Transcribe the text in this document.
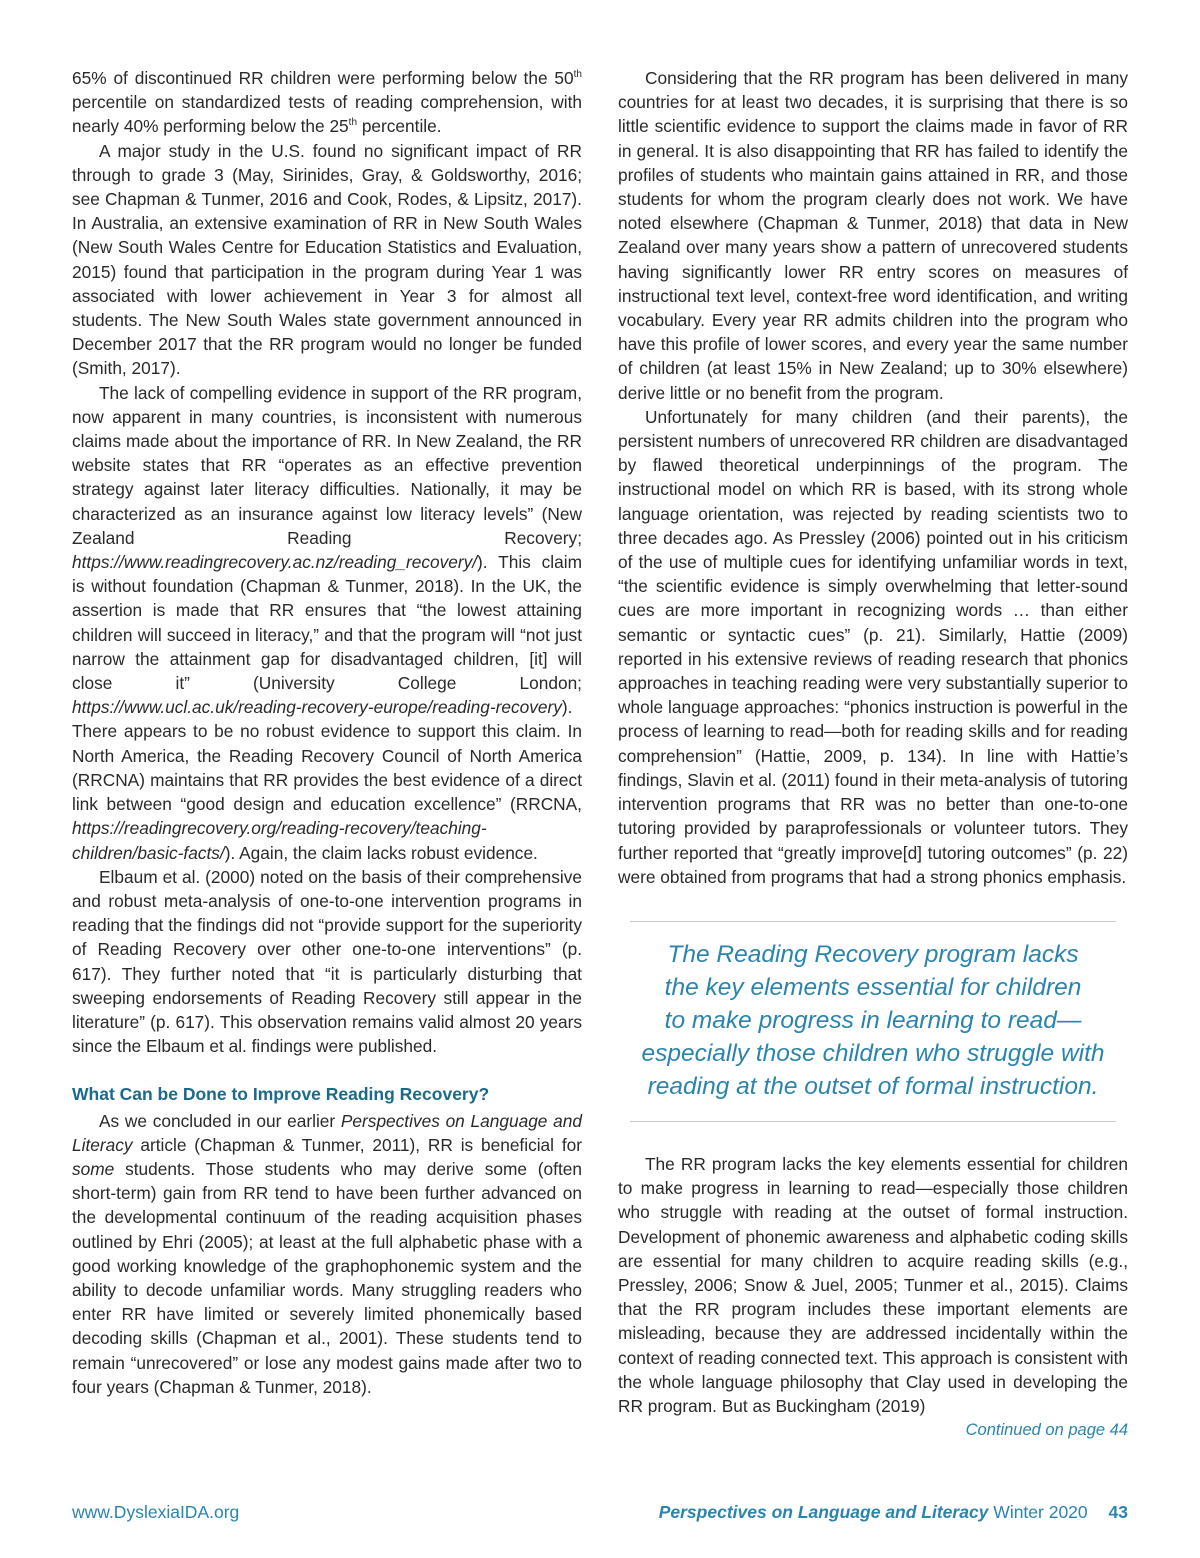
65% of discontinued RR children were performing below the 50th percentile on standardized tests of reading comprehension, with nearly 40% performing below the 25th percentile.

A major study in the U.S. found no significant impact of RR through to grade 3 (May, Sirinides, Gray, & Goldsworthy, 2016; see Chapman & Tunmer, 2016 and Cook, Rodes, & Lipsitz, 2017). In Australia, an extensive examination of RR in New South Wales (New South Wales Centre for Education Statistics and Evaluation, 2015) found that participation in the program during Year 1 was associated with lower achievement in Year 3 for almost all students. The New South Wales state government announced in December 2017 that the RR program would no longer be funded (Smith, 2017).

The lack of compelling evidence in support of the RR program, now apparent in many countries, is inconsistent with numerous claims made about the importance of RR. In New Zealand, the RR website states that RR “operates as an effective prevention strategy against later literacy difficulties. Nationally, it may be characterized as an insurance against low literacy levels” (New Zealand Reading Recovery; https://www.readingrecovery.ac.nz/reading_recovery/). This claim is without foundation (Chapman & Tunmer, 2018). In the UK, the assertion is made that RR ensures that “the lowest attaining children will succeed in literacy,” and that the program will “not just narrow the attainment gap for disadvantaged children, [it] will close it” (University College London; https://www.ucl.ac.uk/reading-recovery-europe/reading-recovery). There appears to be no robust evidence to support this claim. In North America, the Reading Recovery Council of North America (RRCNA) maintains that RR provides the best evidence of a direct link between “good design and education excellence” (RRCNA, https://readingrecovery.org/reading-recovery/teaching-children/basic-facts/). Again, the claim lacks robust evidence.

Elbaum et al. (2000) noted on the basis of their comprehensive and robust meta-analysis of one-to-one intervention programs in reading that the findings did not “provide support for the superiority of Reading Recovery over other one-to-one interventions” (p. 617). They further noted that “it is particularly disturbing that sweeping endorsements of Reading Recovery still appear in the literature” (p. 617). This observation remains valid almost 20 years since the Elbaum et al. findings were published.

What Can be Done to Improve Reading Recovery?

As we concluded in our earlier Perspectives on Language and Literacy article (Chapman & Tunmer, 2011), RR is beneficial for some students. Those students who may derive some (often short-term) gain from RR tend to have been further advanced on the developmental continuum of the reading acquisition phases outlined by Ehri (2005); at least at the full alphabetic phase with a good working knowledge of the graphophonemic system and the ability to decode unfamiliar words. Many struggling readers who enter RR have limited or severely limited phonemically based decoding skills (Chapman et al., 2001). These students tend to remain “unrecovered” or lose any modest gains made after two to four years (Chapman & Tunmer, 2018).

Considering that the RR program has been delivered in many countries for at least two decades, it is surprising that there is so little scientific evidence to support the claims made in favor of RR in general. It is also disappointing that RR has failed to identify the profiles of students who maintain gains attained in RR, and those students for whom the program clearly does not work. We have noted elsewhere (Chapman & Tunmer, 2018) that data in New Zealand over many years show a pattern of unrecovered students having significantly lower RR entry scores on measures of instructional text level, context-free word identification, and writing vocabulary. Every year RR admits children into the program who have this profile of lower scores, and every year the same number of children (at least 15% in New Zealand; up to 30% elsewhere) derive little or no benefit from the program.

Unfortunately for many children (and their parents), the persistent numbers of unrecovered RR children are disadvantaged by flawed theoretical underpinnings of the program. The instructional model on which RR is based, with its strong whole language orientation, was rejected by reading scientists two to three decades ago. As Pressley (2006) pointed out in his criticism of the use of multiple cues for identifying unfamiliar words in text, “the scientific evidence is simply overwhelming that letter-sound cues are more important in recognizing words … than either semantic or syntactic cues” (p. 21). Similarly, Hattie (2009) reported in his extensive reviews of reading research that phonics approaches in teaching reading were very substantially superior to whole language approaches: “phonics instruction is powerful in the process of learning to read—both for reading skills and for reading comprehension” (Hattie, 2009, p. 134). In line with Hattie’s findings, Slavin et al. (2011) found in their meta-analysis of tutoring intervention programs that RR was no better than one-to-one tutoring provided by paraprofessionals or volunteer tutors. They further reported that “greatly improve[d] tutoring outcomes” (p. 22) were obtained from programs that had a strong phonics emphasis.

The Reading Recovery program lacks
the key elements essential for children
to make progress in learning to read—
especially those children who struggle with
reading at the outset of formal instruction.

The RR program lacks the key elements essential for children to make progress in learning to read—especially those children who struggle with reading at the outset of formal instruction. Development of phonemic awareness and alphabetic coding skills are essential for many children to acquire reading skills (e.g., Pressley, 2006; Snow & Juel, 2005; Tunmer et al., 2015). Claims that the RR program includes these important elements are misleading, because they are addressed incidentally within the context of reading connected text. This approach is consistent with the whole language philosophy that Clay used in developing the RR program. But as Buckingham (2019)

Continued on page 44
www.DyslexiaIDA.org	Perspectives on Language and Literacy Winter 2020 43
